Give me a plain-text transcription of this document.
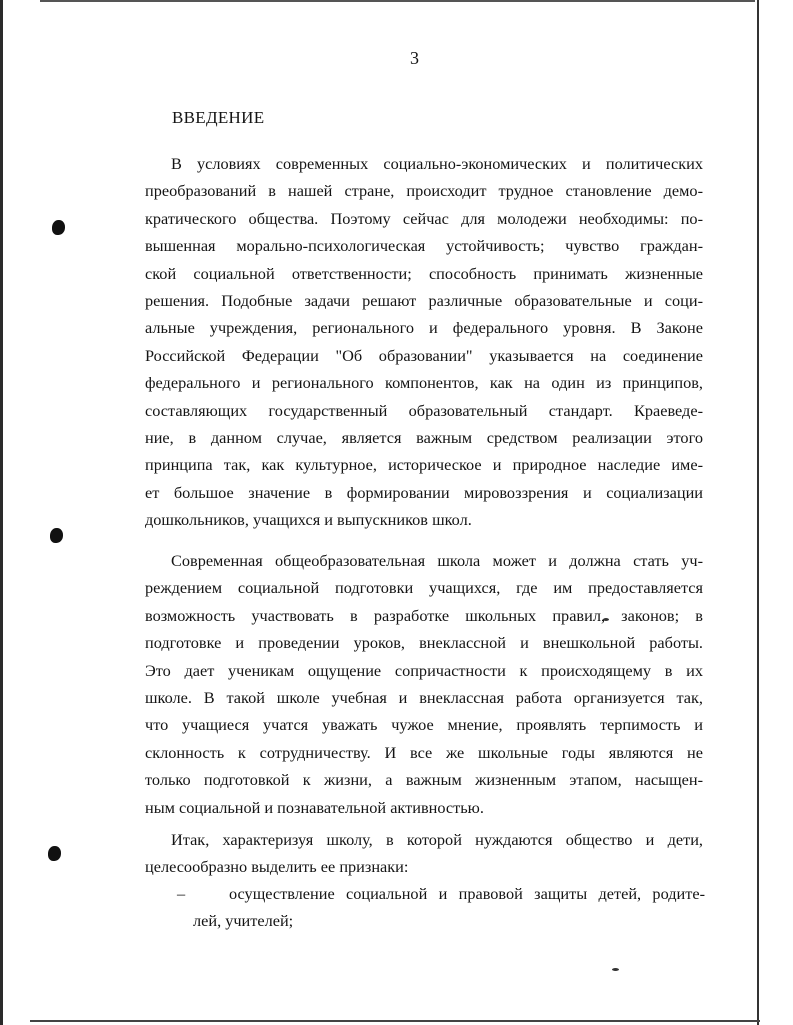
3
ВВЕДЕНИЕ
В условиях современных социально-экономических и политических
преобразований в нашей стране, происходит трудное становление демо-
кратического общества. Поэтому сейчас для молодежи необходимы: по-
вышенная морально-психологическая устойчивость; чувство граждан-
ской социальной ответственности; способность принимать жизненные
решения. Подобные задачи решают различные образовательные и соци-
альные учреждения, регионального и федерального уровня. В Законе
Российской Федерации "Об образовании" указывается на соединение
федерального и регионального компонентов, как на один из принципов,
составляющих государственный образовательный стандарт. Краеведе-
ние, в данном случае, является важным средством реализации этого
принципа так, как культурное, историческое и природное наследие име-
ет большое значение в формировании мировоззрения и социализации
дошкольников, учащихся и выпускников школ.
Современная общеобразовательная школа может и должна стать уч-
реждением социальной подготовки учащихся, где им предоставляется
возможность участвовать в разработке школьных правил, законов; в
подготовке и проведении уроков, внеклассной и внешкольной работы.
Это дает ученикам ощущение сопричастности к происходящему в их
школе. В такой школе учебная и внеклассная работа организуется так,
что учащиеся учатся уважать чужое мнение, проявлять терпимость и
склонность к сотрудничеству. И все же школьные годы являются не
только подготовкой к жизни, а важным жизненным этапом, насыщен-
ным социальной и познавательной активностью.
Итак, характеризуя школу, в которой нуждаются общество и дети,
целесообразно выделить ее признаки:
–	осуществление социальной и правовой защиты детей, родите-
лей, учителей;
